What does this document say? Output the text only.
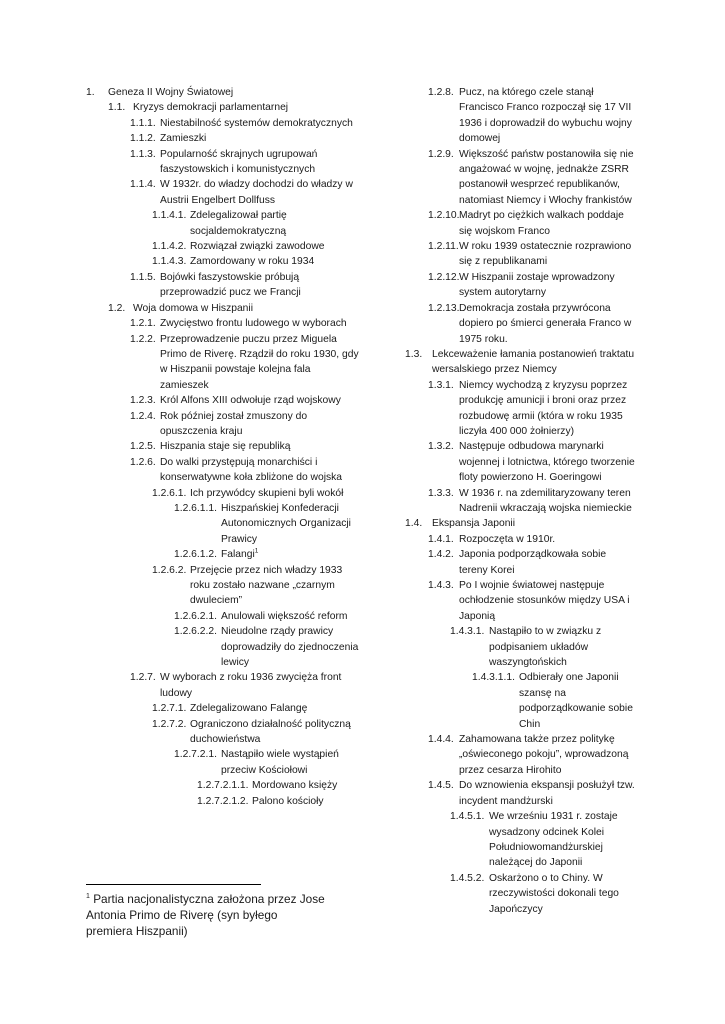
1. Geneza II Wojny Światowej
1.1. Kryzys demokracji parlamentarnej
1.1.1. Niestabilność systemów demokratycznych
1.1.2. Zamieszki
1.1.3. Popularność skrajnych ugrupowań faszystowskich i komunistycznych
1.1.4. W 1932r. do władzy dochodzi do władzy w Austrii Engelbert Dollfuss
1.1.4.1. Zdelegalizował partię socjaldemokratyczną
1.1.4.2. Rozwiązał związki zawodowe
1.1.4.3. Zamordowany w roku 1934
1.1.5. Bojówki faszystowskie próbują przeprowadzić pucz we Francji
1.2. Woja domowa w Hiszpanii
1.2.1. Zwycięstwo frontu ludowego w wyborach
1.2.2. Przeprowadzenie puczu przez Miguela Primo de Riverę. Rządził do roku 1930, gdy w Hiszpanii powstaje kolejna fala zamieszek
1.2.3. Król Alfons XIII odwołuje rząd wojskowy
1.2.4. Rok później został zmuszony do opuszczenia kraju
1.2.5. Hiszpania staje się republiką
1.2.6. Do walki przystępują monarchiści i konserwatywne koła zbliżone do wojska
1.2.6.1. Ich przywódcy skupieni byli wokół
1.2.6.1.1. Hiszpańskiej Konfederacji Autonomicznych Organizacji Prawicy
1.2.6.1.2. Falangi$^1$
1.2.6.2. Przejęcie przez nich władzy 1933 roku zostało nazwane „czarnym dwuleciem”
1.2.6.2.1. Anulowali większość reform
1.2.6.2.2. Nieudolne rządy prawicy doprowadziły do zjednoczenia lewicy
1.2.7. W wyborach z roku 1936 zwycięża front ludowy
1.2.7.1. Zdelegalizowano Falangę
1.2.7.2. Ograniczono działalność polityczną duchowieństwa
1.2.7.2.1. Nastąpiło wiele wystąpień przeciw Kościołowi
1.2.7.2.1.1. Mordowano księży
1.2.7.2.1.2. Palono kościoły
1.2.8. Pucz, na którego czele stanął Francisco Franco rozpoczął się 17 VII 1936 i doprowadził do wybuchu wojny domowej
1.2.9. Większość państw postanowiła się nie angażować w wojnę, jednakże ZSRR postanowił wesprzeć republikanów, natomiast Niemcy i Włochy frankistów
1.2.10. Madryt po ciężkich walkach poddaje się wojskom Franco
1.2.11. W roku 1939 ostatecznie rozprawiono się z republikanami
1.2.12. W Hiszpanii zostaje wprowadzony system autorytarny
1.2.13. Demokracja została przywrócona dopiero po śmierci generała Franco w 1975 roku.
1.3. Lekceważenie łamania postanowień traktatu wersalskiego przez Niemcy
1.3.1. Niemcy wychodzą z kryzysu poprzez produkcję amunicji i broni oraz przez rozbudowę armii (która w roku 1935 liczyła 400 000 żołnierzy)
1.3.2. Następuje odbudowa marynarki wojennej i lotnictwa, którego tworzenie floty powierzono H. Goeringowi
1.3.3. W 1936 r. na zdemilitaryzowany teren Nadrenii wkraczają wojska niemieckie
1.4. Ekspansja Japonii
1.4.1. Rozpoczęta w 1910r.
1.4.2. Japonia podporządkowała sobie tereny Korei
1.4.3. Po I wojnie światowej następuje ochłodzenie stosunków między USA i Japonią
1.4.3.1. Nastąpiło to w związku z podpisaniem układów waszyngtońskich
1.4.3.1.1. Odbierały one Japonii szansę na podporządkowanie sobie Chin
1.4.4. Zahamowana także przez politykę „oświeconego pokoju”, wprowadzoną przez cesarza Hirohito
1.4.5. Do wznowienia ekspansji posłużył tzw. incydent mandżurski
1.4.5.1. We wrześniu 1931 r. zostaje wysadzony odcinek Kolei Południowomandżurskiej należącej do Japonii
1.4.5.2. Oskarżono o to Chiny. W rzeczywistości dokonali tego Japończycy
$^1$ Partia nacjonalistyczna założona przez Jose Antonia Primo de Riverę (syn byłego premiera Hiszpanii)
